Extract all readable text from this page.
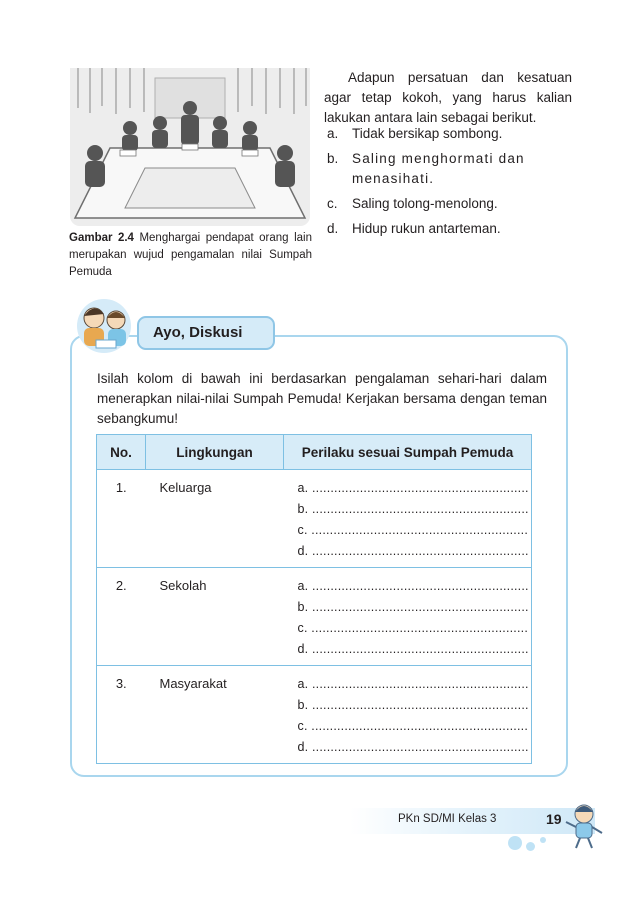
Gambar 2.4 Menghargai pendapat orang lain merupakan wujud pengamalan nilai Sumpah Pemuda
Adapun persatuan dan kesatuan agar tetap kokoh, yang harus kalian lakukan antara lain sebagai berikut.
a. Tidak bersikap sombong.
b. Saling menghormati dan menasihati.
c. Saling tolong-menolong.
d. Hidup rukun antarteman.
Ayo, Diskusi
Isilah kolom di bawah ini berdasarkan pengalaman sehari-hari dalam menerapkan nilai-nilai Sumpah Pemuda! Kerjakan bersama dengan teman sebangkumu!
No.	Lingkungan	Perilaku sesuai Sumpah Pemuda

1.	Keluarga	a. ...........................................................
b. ...........................................................
c. ...........................................................
d. ...........................................................

2.	Sekolah	a. ...........................................................
b. ...........................................................
c. ...........................................................
d. ...........................................................

3.	Masyarakat	a. ...........................................................
b. ...........................................................
c. ...........................................................
d. ...........................................................
PKn SD/MI Kelas 3	19
